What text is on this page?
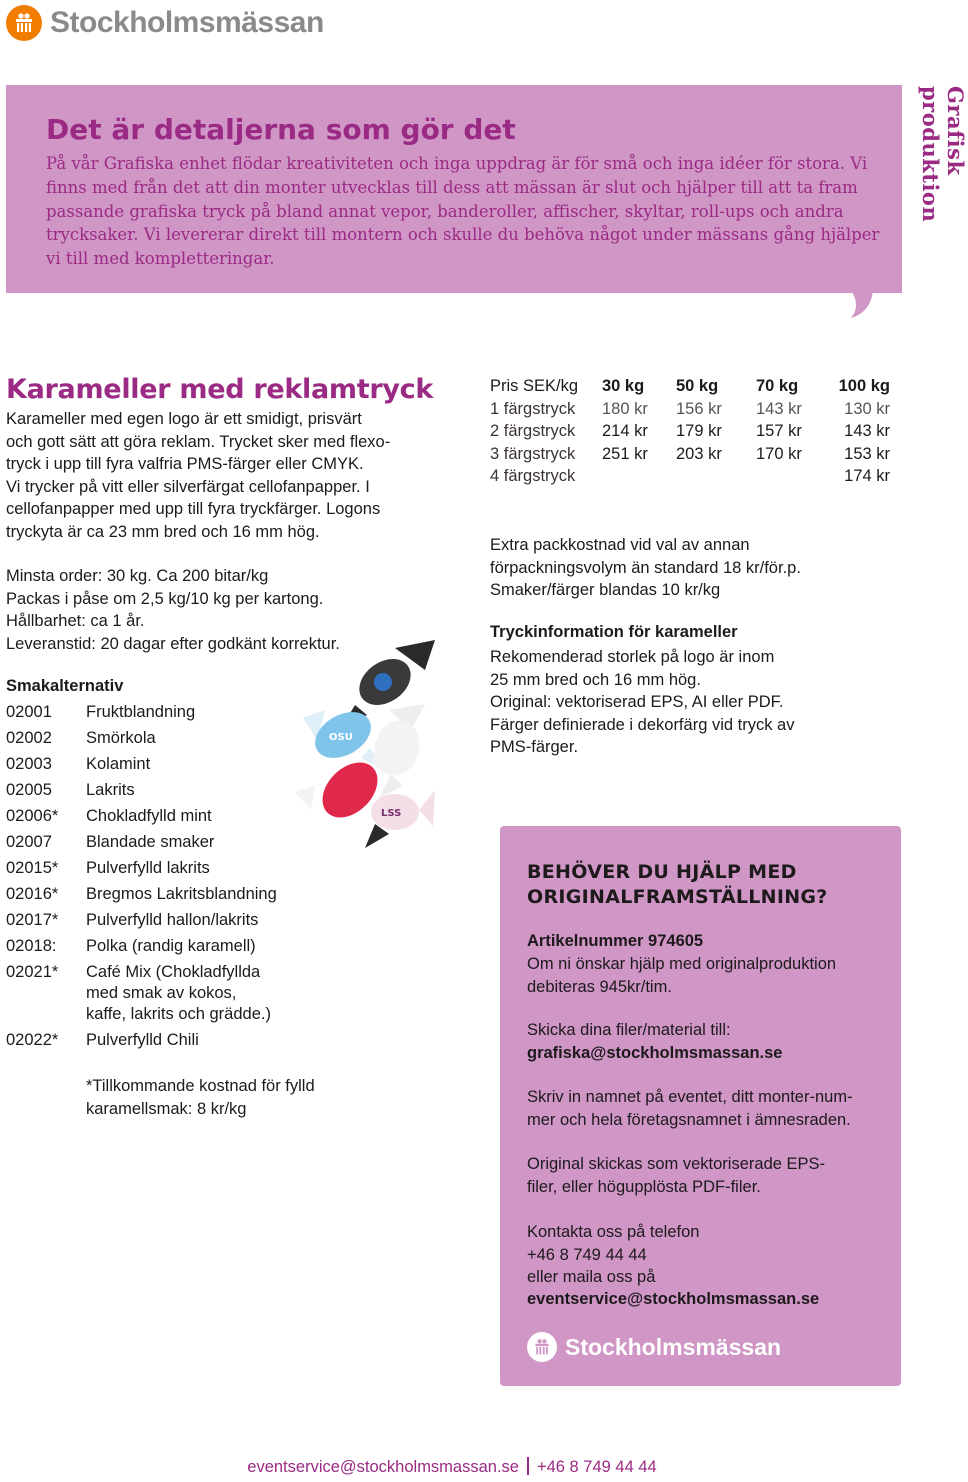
Stockholmsmässan
Det är detaljerna som gör det
På vår Grafiska enhet flödar kreativiteten och inga uppdrag är för små och inga idéer för stora. Vi finns med från det att din monter utvecklas till dess att mässan är slut och hjälper till att ta fram passande grafiska tryck på bland annat vepor, banderoller, affischer, skyltar, roll-ups och andra trycksaker. Vi levererar direkt till montern och skulle du behöva något under mässans gång hjälper vi till med kompletteringar.
Grafisk produktion
Karameller med reklamtryck
Karameller med egen logo är ett smidigt, prisvärt
och gott sätt att göra reklam. Trycket sker med flexo-
tryck i upp till fyra valfria PMS-färger eller CMYK.
Vi trycker på vitt eller silverfärgat cellofanpapper. I
cellofanpapper med upp till fyra tryckfärger. Logons
tryckyta är ca 23 mm bred och 16 mm hög.
Minsta order: 30 kg. Ca 200 bitar/kg
Packas i påse om 2,5 kg/10 kg per kartong.
Hållbarhet: ca 1 år.
Leveranstid: 20 dagar efter godkänt korrektur.
Smakalternativ
02001	Fruktblandning
02002	Smörkola
02003	Kolamint
02005	Lakrits
02006*	Chokladfylld mint
02007	Blandade smaker
02015*	Pulverfylld lakrits
02016*	Bregmos Lakritsblandning
02017*	Pulverfylld hallon/lakrits
02018:	Polka (randig karamell)
02021*	Café Mix (Chokladfyllda
med smak av kokos,
kaffe, lakrits och grädde.)
02022*	Pulverfylld Chili
*Tillkommande kostnad för fylld karamellsmak: 8 kr/kg
OSU
LSS
Pris SEK/kg	30 kg	50 kg	70 kg	100 kg
1 färgstryck	180 kr	156 kr	143 kr	130 kr
2 färgstryck	214 kr	179 kr	157 kr	143 kr
3 färgstryck	251 kr	203 kr	170 kr	153 kr
4 färgstryck				174 kr
Extra packkostnad vid val av annan
förpackningsvolym än standard 18 kr/för.p.
Smaker/färger blandas 10 kr/kg
Tryckinformation för karameller
Rekomenderad storlek på logo är inom
25 mm bred och 16 mm hög.
Original: vektoriserad EPS, AI eller PDF.
Färger definierade i dekorfärg vid tryck av
PMS-färger.
BEHÖVER DU HJÄLP MED ORIGINALFRAMSTÄLLNING?
Artikelnummer 974605
Om ni önskar hjälp med originalproduktion debiteras 945kr/tim.
Skicka dina filer/material till:
grafiska@stockholmsmassan.se
Skriv in namnet på eventet, ditt monter-num-mer och hela företagsnamnet i ämnesraden.
Original skickas som vektoriserade EPS-filer, eller högupplösta PDF-filer.
Kontakta oss på telefon
+46 8 749 44 44
eller maila oss på
eventservice@stockholmsmassan.se
Stockholmsmässan
eventservice@stockholmsmassan.se +46 8 749 44 44
